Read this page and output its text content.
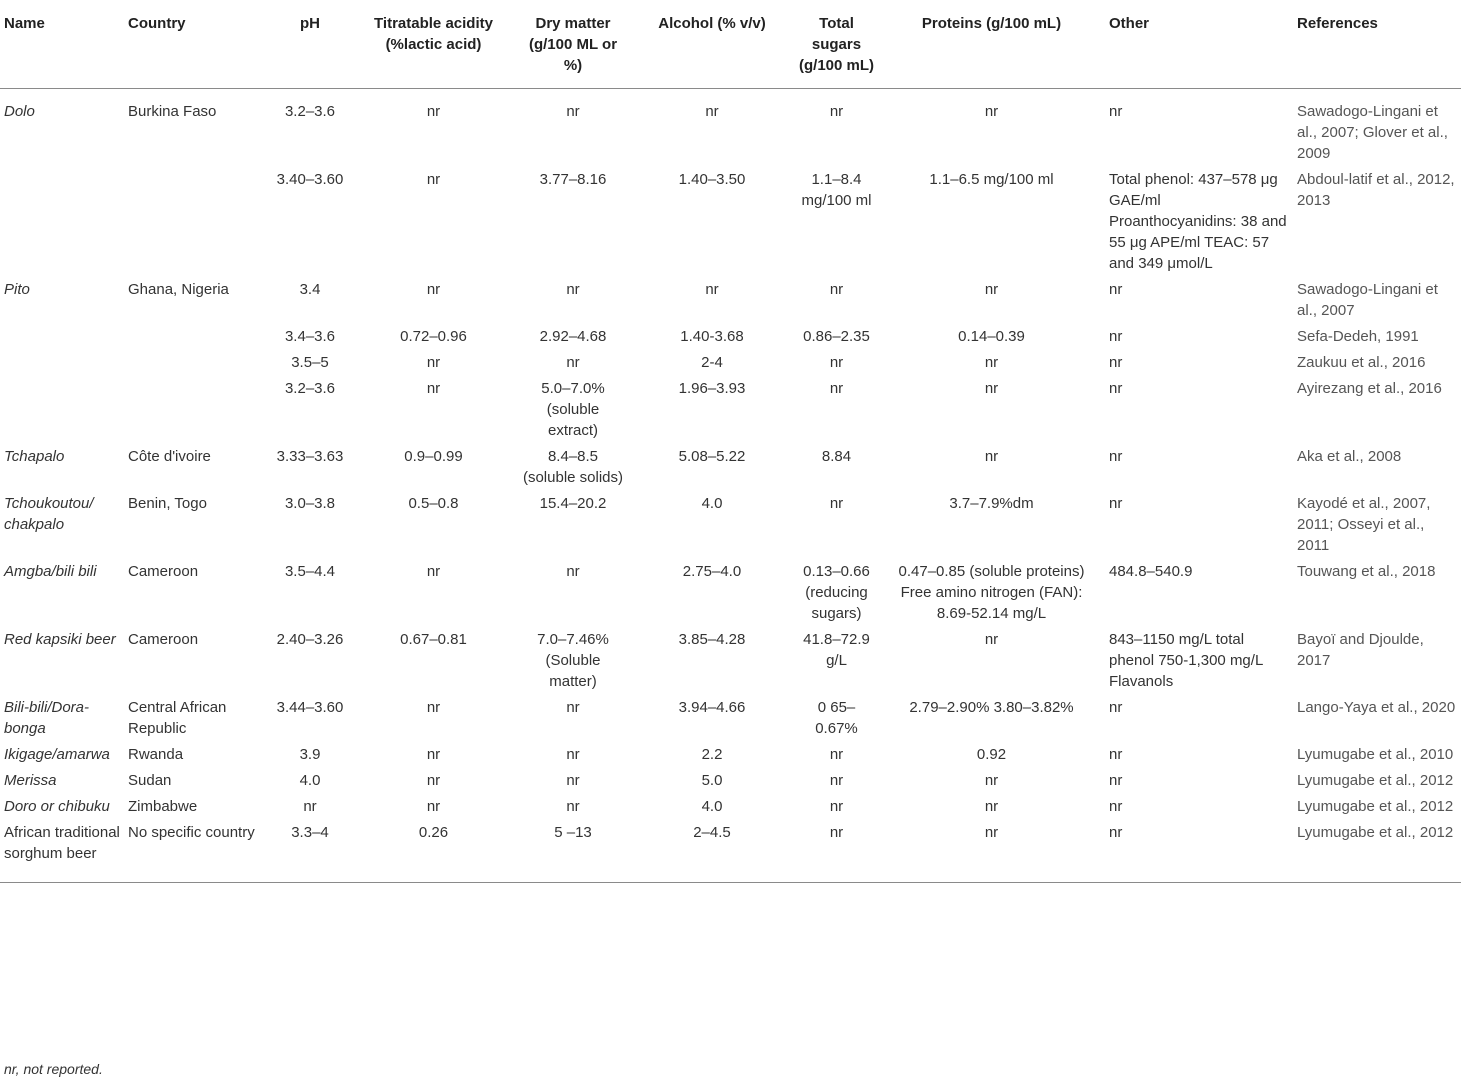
Name	Country	pH	Titratable acidity (%lactic acid)	Dry matter (g/100 ML or %)	Alcohol (% v/v)	Total sugars (g/100 mL)	Proteins (g/100 mL)	Other	References
Dolo	Burkina Faso	3.2–3.6	nr	nr	nr	nr	nr	nr	Sawadogo-Lingani et al., 2007; Glover et al., 2009
		3.40–3.60	nr	3.77–8.16	1.40–3.50	1.1–8.4 mg/100 ml	1.1–6.5 mg/100 ml	Total phenol: 437–578 μg GAE/ml Proanthocyanidins: 38 and 55 μg APE/ml TEAC: 57 and 349 μmol/L	Abdoul-latif et al., 2012, 2013
Pito	Ghana, Nigeria	3.4	nr	nr	nr	nr	nr	nr	Sawadogo-Lingani et al., 2007
		3.4–3.6	0.72–0.96	2.92–4.68	1.40-3.68	0.86–2.35	0.14–0.39	nr	Sefa-Dedeh, 1991
		3.5–5	nr	nr	2-4	nr	nr	nr	Zaukuu et al., 2016
		3.2–3.6	nr	5.0–7.0% (soluble extract)	1.96–3.93	nr	nr	nr	Ayirezang et al., 2016
Tchapalo	Côte d'ivoire	3.33–3.63	0.9–0.99	8.4–8.5 (soluble solids)	5.08–5.22	8.84	nr	nr	Aka et al., 2008
Tchoukoutou/ chakpalo	Benin, Togo	3.0–3.8	0.5–0.8	15.4–20.2	4.0	nr	3.7–7.9%dm	nr	Kayodé et al., 2007, 2011; Osseyi et al., 2011
Amgba/bili bili	Cameroon	3.5–4.4	nr	nr	2.75–4.0	0.13–0.66 (reducing sugars)	0.47–0.85 (soluble proteins) Free amino nitrogen (FAN): 8.69-52.14 mg/L	484.8–540.9	Touwang et al., 2018
Red kapsiki beer	Cameroon	2.40–3.26	0.67–0.81	7.0–7.46% (Soluble matter)	3.85–4.28	41.8–72.9 g/L	nr	843–1150 mg/L total phenol 750-1,300 mg/L Flavanols	Bayoï and Djoulde, 2017
Bili-bili/Dora-bonga	Central African Republic	3.44–3.60	nr	nr	3.94–4.66	0 65–0.67%	2.79–2.90% 3.80–3.82%	nr	Lango-Yaya et al., 2020
Ikigage/amarwa	Rwanda	3.9	nr	nr	2.2	nr	0.92	nr	Lyumugabe et al., 2010
Merissa	Sudan	4.0	nr	nr	5.0	nr	nr	nr	Lyumugabe et al., 2012
Doro or chibuku	Zimbabwe	nr	nr	nr	4.0	nr	nr	nr	Lyumugabe et al., 2012
African traditional sorghum beer	No specific country	3.3–4	0.26	5 –13	2–4.5	nr	nr	nr	Lyumugabe et al., 2012
nr, not reported.
